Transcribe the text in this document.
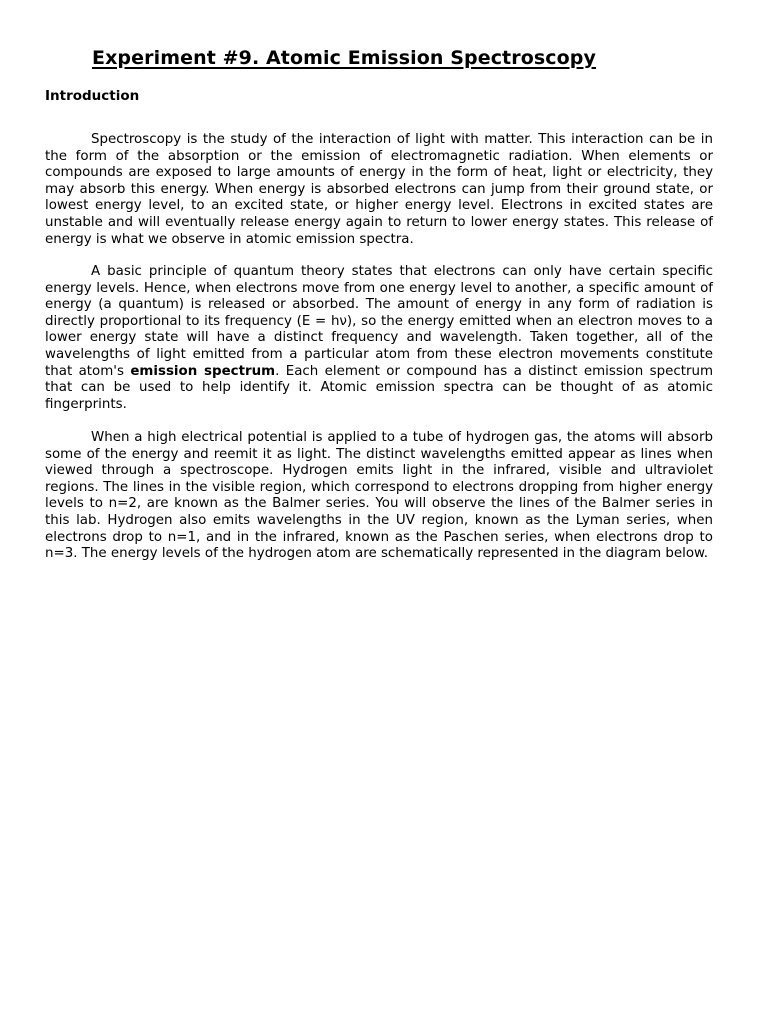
Experiment #9. Atomic Emission Spectroscopy
Introduction

Spectroscopy is the study of the interaction of light with matter. This interaction can be in the form of the absorption or the emission of electromagnetic radiation. When elements or compounds are exposed to large amounts of energy in the form of heat, light or electricity, they may absorb this energy. When energy is absorbed electrons can jump from their ground state, or lowest energy level, to an excited state, or higher energy level. Electrons in excited states are unstable and will eventually release energy again to return to lower energy states. This release of energy is what we observe in atomic emission spectra.

A basic principle of quantum theory states that electrons can only have certain specific energy levels. Hence, when electrons move from one energy level to another, a specific amount of energy (a quantum) is released or absorbed. The amount of energy in any form of radiation is directly proportional to its frequency (E = hν), so the energy emitted when an electron moves to a lower energy state will have a distinct frequency and wavelength. Taken together, all of the wavelengths of light emitted from a particular atom from these electron movements constitute that atom's emission spectrum. Each element or compound has a distinct emission spectrum that can be used to help identify it. Atomic emission spectra can be thought of as atomic fingerprints.

When a high electrical potential is applied to a tube of hydrogen gas, the atoms will absorb some of the energy and reemit it as light. The distinct wavelengths emitted appear as lines when viewed through a spectroscope. Hydrogen emits light in the infrared, visible and ultraviolet regions. The lines in the visible region, which correspond to electrons dropping from higher energy levels to n=2, are known as the Balmer series. You will observe the lines of the Balmer series in this lab. Hydrogen also emits wavelengths in the UV region, known as the Lyman series, when electrons drop to n=1, and in the infrared, known as the Paschen series, when electrons drop to n=3. The energy levels of the hydrogen atom are schematically represented in the diagram below.
